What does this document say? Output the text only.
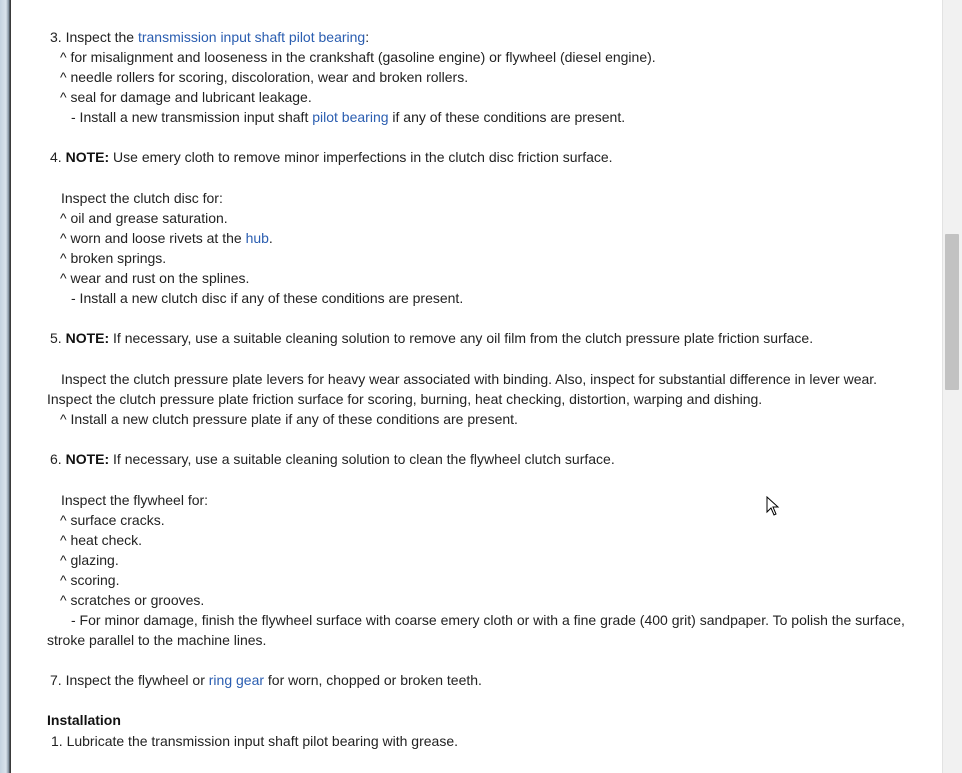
3. Inspect the transmission input shaft pilot bearing:
^ for misalignment and looseness in the crankshaft (gasoline engine) or flywheel (diesel engine).
^ needle rollers for scoring, discoloration, wear and broken rollers.
^ seal for damage and lubricant leakage.
- Install a new transmission input shaft pilot bearing if any of these conditions are present.
4. NOTE: Use emery cloth to remove minor imperfections in the clutch disc friction surface.
Inspect the clutch disc for:
^ oil and grease saturation.
^ worn and loose rivets at the hub.
^ broken springs.
^ wear and rust on the splines.
- Install a new clutch disc if any of these conditions are present.
5. NOTE: If necessary, use a suitable cleaning solution to remove any oil film from the clutch pressure plate friction surface.
Inspect the clutch pressure plate levers for heavy wear associated with binding. Also, inspect for substantial difference in lever wear.
Inspect the clutch pressure plate friction surface for scoring, burning, heat checking, distortion, warping and dishing.
^ Install a new clutch pressure plate if any of these conditions are present.
6. NOTE: If necessary, use a suitable cleaning solution to clean the flywheel clutch surface.
Inspect the flywheel for:
^ surface cracks.
^ heat check.
^ glazing.
^ scoring.
^ scratches or grooves.
- For minor damage, finish the flywheel surface with coarse emery cloth or with a fine grade (400 grit) sandpaper. To polish the surface,
stroke parallel to the machine lines.
7. Inspect the flywheel or ring gear for worn, chopped or broken teeth.
Installation
1. Lubricate the transmission input shaft pilot bearing with grease.
